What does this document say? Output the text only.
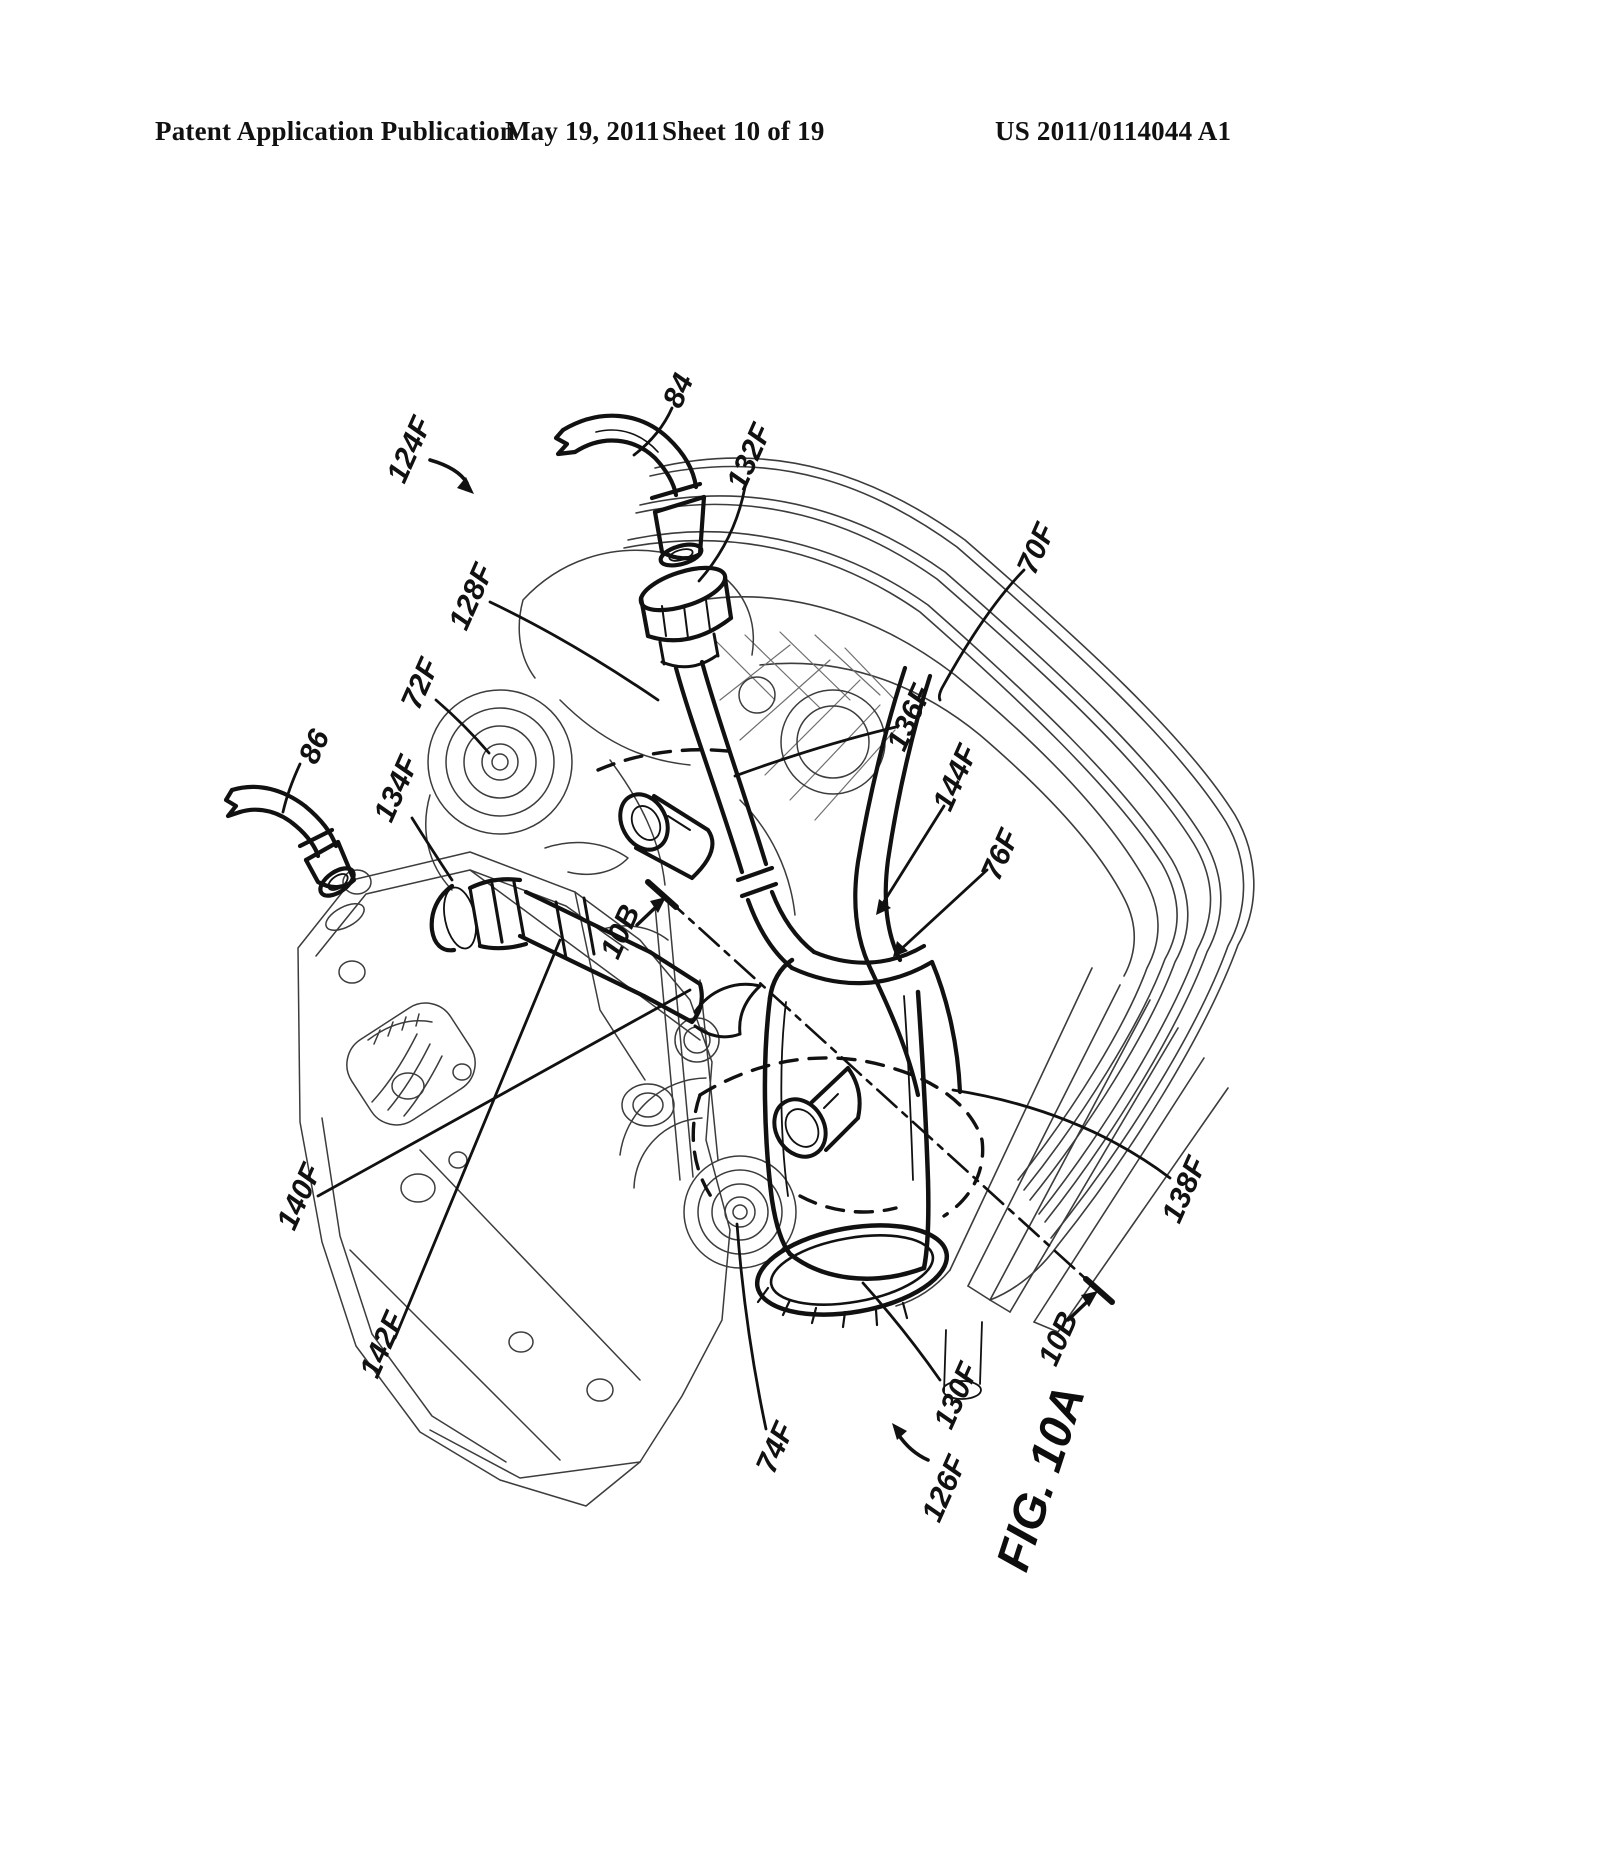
Patent Application Publication
May 19, 2011 Sheet 10 of 19	US 2011/0114044 A1
124F
84
132F
128F
72F
86
134F
70F
136F
144F
76F
10B
140F
142F
74F
130F
126F
138F
10B
FIG. 10A
